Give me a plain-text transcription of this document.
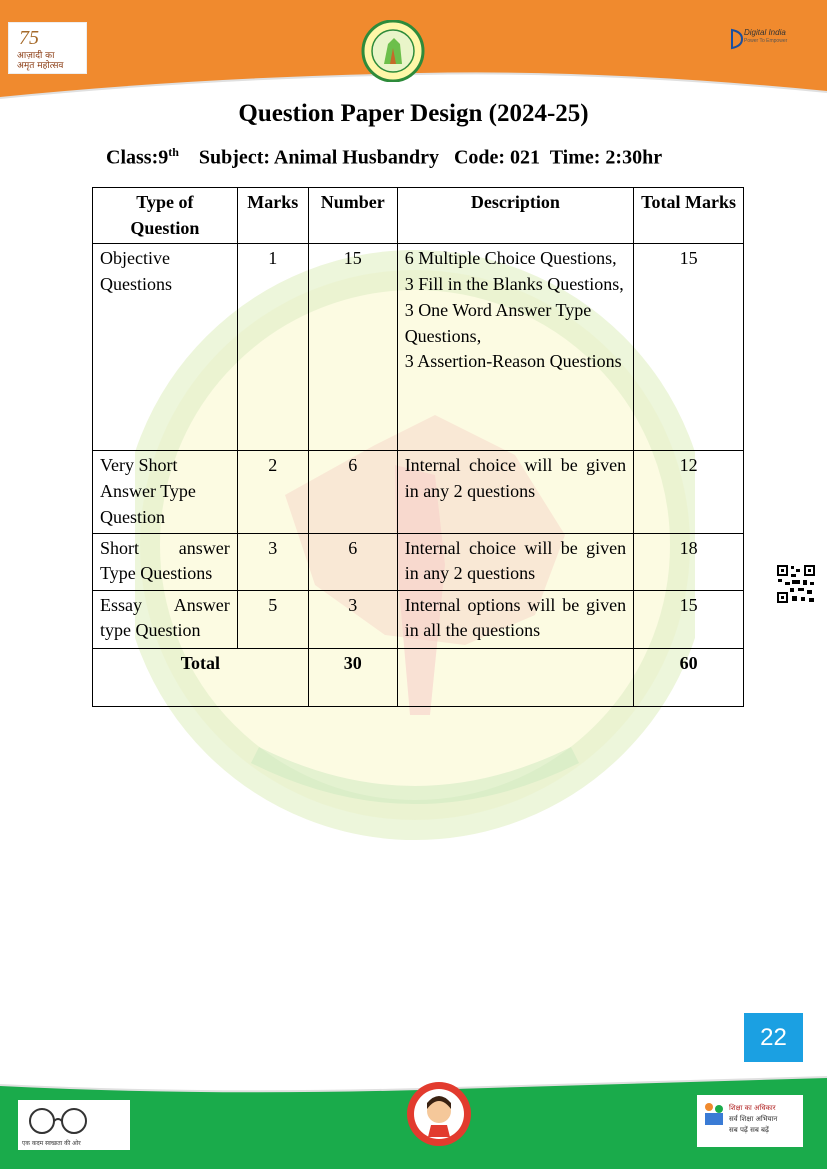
75
आज़ादी का
अमृत महोत्सव
Digital India
Power To Empower
Question Paper Design (2024-25)
Class:9th    Subject: Animal Husbandry   Code: 021  Time: 2:30hr
Type of Question	Marks	Number	Description	Total Marks
Objective Questions	1	15	6 Multiple Choice Questions,
3 Fill in the Blanks Questions,
3 One Word Answer Type Questions,
3 Assertion-Reason Questions	15
Very Short Answer Type Question	2	6	Internal choice will be given in any 2 questions	12
Short answer Type Questions	3	6	Internal choice will be given in any 2 questions	18
Essay Answer type Question	5	3	Internal options will be given in all the questions	15
Total		30		60
22
एक कदम स्वच्छता की ओर
शिक्षा का अधिकार
सर्व शिक्षा अभियान
सब पढ़ें सब बढ़ें
